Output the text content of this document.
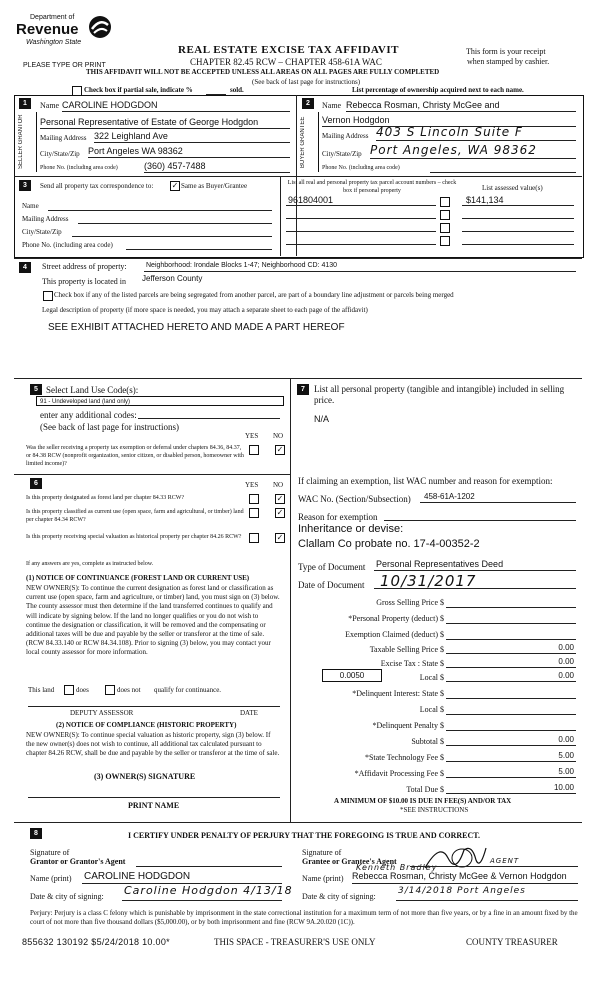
Department of
Revenue
Washington State
PLEASE TYPE OR PRINT
REAL ESTATE EXCISE TAX AFFIDAVIT
CHAPTER 82.45 RCW – CHAPTER 458-61A WAC
This form is your receipt
when stamped by cashier.
THIS AFFIDAVIT WILL NOT BE ACCEPTED UNLESS ALL AREAS ON ALL PAGES ARE FULLY COMPLETED
(See back of last page for instructions)
Check box if partial sale, indicate %	sold.	List percentage of ownership acquired next to each name.
1
SELLER GRANTOR
Name CAROLINE HODGDON
Personal Representative of Estate of George Hodgdon
Mailing Address 322 Leighland Ave
City/State/Zip Port Angeles WA 98362
Phone No. (including area code)	(360) 457-7488
2
BUYER GRANTEE
Name Rebecca Rosman, Christy McGee and
Vernon Hodgdon
Mailing Address 403 S Lincoln Suite F
City/State/Zip Port Angeles, WA 98362
Phone No. (including area code)
3	Send all property tax correspondence to: ✓ Same as Buyer/Grantee
Name
Mailing Address
City/State/Zip
Phone No. (including area code)
List all real and personal property tax parcel account numbers – check box if personal property	List assessed value(s)
961804001	$141,134
4	Street address of property:	Neighborhood: Irondale Blocks 1-47; Neighborhood CD: 4130
This property is located in Jefferson County
Check box if any of the listed parcels are being segregated from another parcel, are part of a boundary line adjustment or parcels being merged
Legal description of property (if more space is needed, you may attach a separate sheet to each page of the affidavit)
SEE EXHIBIT ATTACHED HERETO AND MADE A PART HEREOF
5 Select Land Use Code(s):
91 - Undeveloped land (land only)
enter any additional codes:
(See back of last page for instructions)
YES NO
Was the seller receiving a property tax exemption or deferral under chapters 84.36, 84.37, or 84.38 RCW (nonprofit organization, senior citizen, or disabled person, homeowner with limited income)?
✓
6	YES NO
Is this property designated as forest land per chapter 84.33 RCW?	✓
Is this property classified as current use (open space, farm and agricultural, or timber) land per chapter 84.34 RCW?
✓
Is this property receiving special valuation as historical property per chapter 84.26 RCW?	✓
If any answers are yes, complete as instructed below.
(1) NOTICE OF CONTINUANCE (FOREST LAND OR CURRENT USE)
NEW OWNER(S): To continue the current designation as forest land or classification as current use (open space, farm and agriculture, or timber) land, you must sign on (3) below. The county assessor must then determine if the land transferred continues to qualify and will indicate by signing below. If the land no longer qualifies or you do not wish to continue the designation or classification, it will be removed and the compensating or additional taxes will be due and payable by the seller or transferor at the time of sale. (RCW 84.33.140 or RCW 84.34.108). Prior to signing (3) below, you may contact your local county assessor for more information.
This land	does	does not qualify for continuance.
DEPUTY ASSESSOR	DATE
(2) NOTICE OF COMPLIANCE (HISTORIC PROPERTY)
NEW OWNER(S): To continue special valuation as historic property, sign (3) below. If the new owner(s) does not wish to continue, all additional tax calculated pursuant to chapter 84.26 RCW, shall be due and payable by the seller or transferor at the time of sale.
(3) OWNER(S) SIGNATURE
PRINT NAME
7	List all personal property (tangible and intangible) included in selling price.
N/A
If claiming an exemption, list WAC number and reason for exemption:
WAC No. (Section/Subsection) 458-61A-1202
Reason for exemption
Inheritance or devise:
Clallam Co probate no. 17-4-00352-2
Type of Document Personal Representatives Deed
Date of Document 10/31/2017
Gross Selling Price $
*Personal Property (deduct) $
Exemption Claimed (deduct) $
Taxable Selling Price $	0.00
Excise Tax : State $	0.00
0.0050	Local $	0.00
*Delinquent Interest: State $
Local $
*Delinquent Penalty $
Subtotal $	0.00
*State Technology Fee $	5.00
*Affidavit Processing Fee $	5.00
Total Due $	10.00
A MINIMUM OF $10.00 IS DUE IN FEE(S) AND/OR TAX
*SEE INSTRUCTIONS
8	I CERTIFY UNDER PENALTY OF PERJURY THAT THE FOREGOING IS TRUE AND CORRECT.
Signature of
Grantor or Grantor's Agent
Name (print) CAROLINE HODGDON
Date & city of signing: Caroline Hodgdon 4/13/18
Signature of
Grantee or Grantee's Agent
Kenneth Bradley
AGENT
Name (print) Rebecca Rosman, Christy McGee & Vernon Hodgdon
Date & city of signing:
3/14/2018 Port Angeles
Perjury: Perjury is a class C felony which is punishable by imprisonment in the state correctional institution for a maximum term of not more than five years, or by a fine in an amount fixed by the court of not more than five thousand dollars ($5,000.00), or by both imprisonment and fine (RCW 9A.20.020 (1C)).
855632 130192 $5/24/2018 10.00*	THIS SPACE - TREASURER'S USE ONLY	COUNTY TREASURER
